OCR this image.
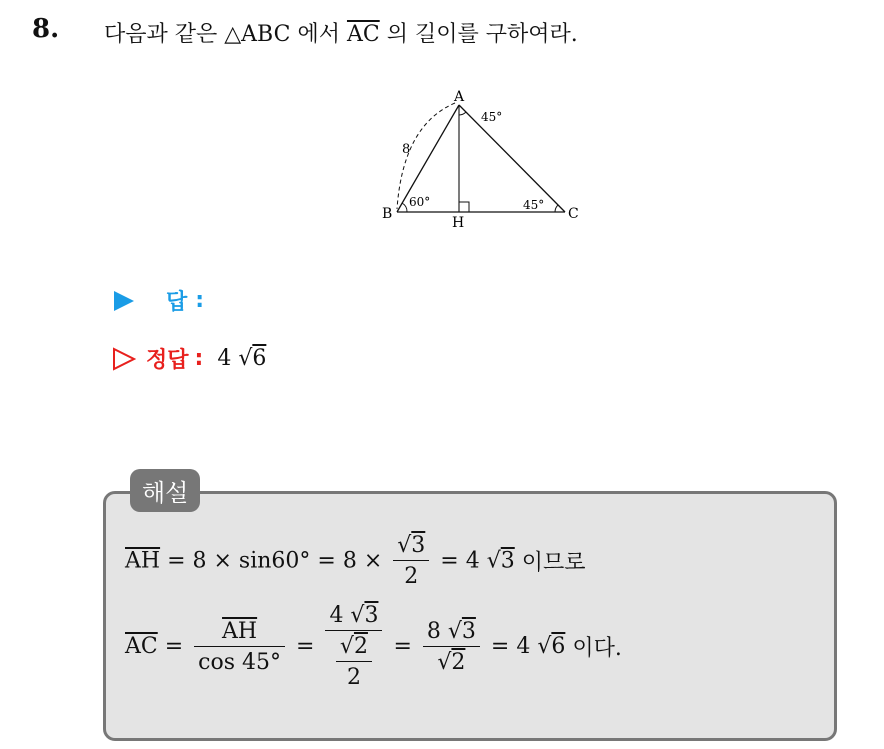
8. 다음과 같은 △ABC 에서 $\overline{AC}$ 의 길이를 구하여라.
A
B	C
H
8
60°	45°
45°
답 :
정답 : 4 √6
해설
$\overline{AH} = 8 \times \sin 60^\circ = 8 \times \frac{√3}{2} = 4$ √3 이므로
$\overline{AC} = \frac{\overline{AH}}{\cos 45^\circ} = \frac{4 √3}{\frac{√2}{2}} = \frac{8 √3}{√2} = 4$ √6 이다.
